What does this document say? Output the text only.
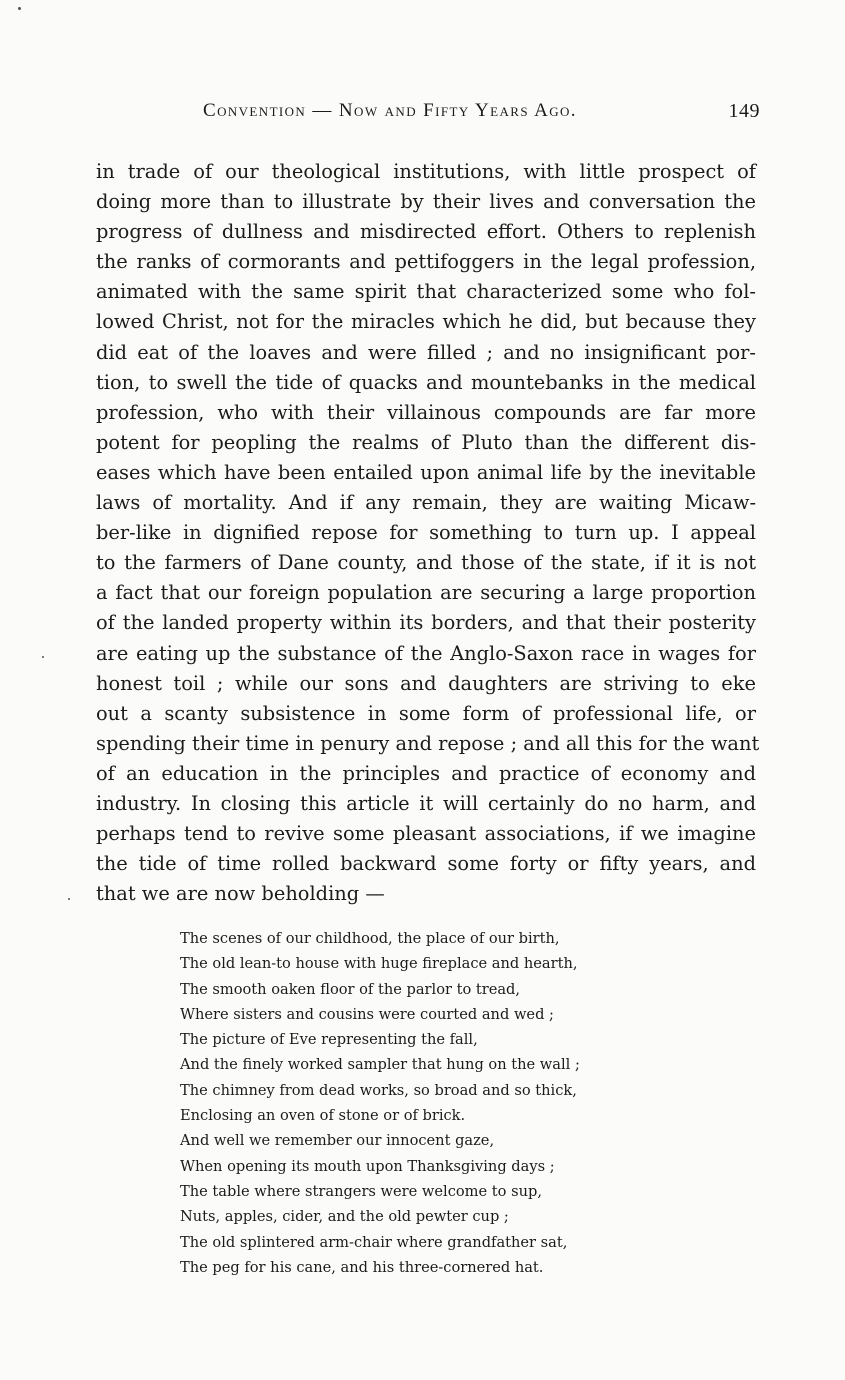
Convention — Now and Fifty Years Ago.	149
in trade of our theological institutions, with little prospect of
doing more than to illustrate by their lives and conversation the
progress of dullness and misdirected effort. Others to replenish
the ranks of cormorants and pettifoggers in the legal profession,
animated with the same spirit that characterized some who fol-
lowed Christ, not for the miracles which he did, but because they
did eat of the loaves and were filled ; and no insignificant por-
tion, to swell the tide of quacks and mountebanks in the medical
profession, who with their villainous compounds are far more
potent for peopling the realms of Pluto than the different dis-
eases which have been entailed upon animal life by the inevitable
laws of mortality. And if any remain, they are waiting Micaw-
ber-like in dignified repose for something to turn up. I appeal
to the farmers of Dane county, and those of the state, if it is not
a fact that our foreign population are securing a large proportion
of the landed property within its borders, and that their posterity
are eating up the substance of the Anglo-Saxon race in wages for
honest toil ; while our sons and daughters are striving to eke
out a scanty subsistence in some form of professional life, or
spending their time in penury and repose ; and all this for the want
of an education in the principles and practice of economy and
industry. In closing this article it will certainly do no harm, and
perhaps tend to revive some pleasant associations, if we imagine
the tide of time rolled backward some forty or fifty years, and
that we are now beholding —
The scenes of our childhood, the place of our birth,
The old lean-to house with huge fireplace and hearth,
The smooth oaken floor of the parlor to tread,
Where sisters and cousins were courted and wed ;
The picture of Eve representing the fall,
And the finely worked sampler that hung on the wall ;
The chimney from dead works, so broad and so thick,
Enclosing an oven of stone or of brick.
And well we remember our innocent gaze,
When opening its mouth upon Thanksgiving days ;
The table where strangers were welcome to sup,
Nuts, apples, cider, and the old pewter cup ;
The old splintered arm-chair where grandfather sat,
The peg for his cane, and his three-cornered hat.
